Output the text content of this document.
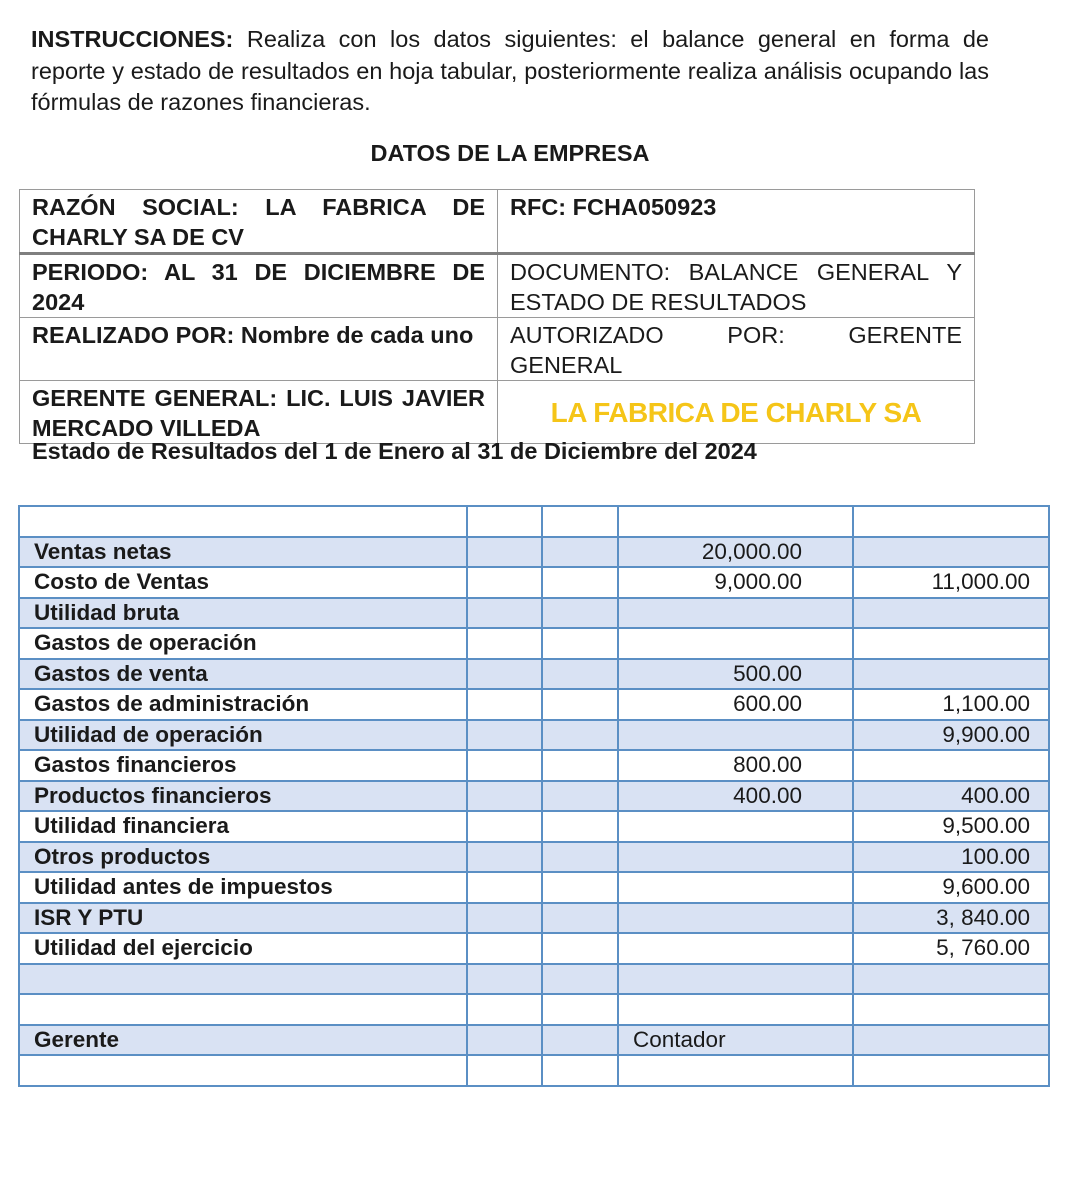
INSTRUCCIONES: Realiza con los datos siguientes: el balance general en forma de reporte y estado de resultados en hoja tabular, posteriormente realiza análisis ocupando las fórmulas de razones financieras.

DATOS DE LA EMPRESA

RAZÓN SOCIAL: LA FABRICA DE CHARLY SA DE CV	RFC: FCHA050923
PERIODO: AL 31 DE DICIEMBRE DE 2024	DOCUMENTO: BALANCE GENERAL Y ESTADO DE RESULTADOS
REALIZADO POR: Nombre de cada uno	AUTORIZADO POR: GERENTE GENERAL
GERENTE GENERAL: LIC. LUIS JAVIER MERCADO VILLEDA	LA FABRICA DE CHARLY SA

Estado de Resultados del 1 de Enero al 31 de Diciembre del 2024

Ventas netas			20,000.00	
Costo de Ventas			9,000.00	11,000.00
Utilidad bruta				
Gastos de operación				
Gastos de venta			500.00	
Gastos de administración			600.00	1,100.00
Utilidad de operación				9,900.00
Gastos financieros			800.00	
Productos financieros			400.00	400.00
Utilidad financiera				9,500.00
Otros productos				100.00
Utilidad antes de impuestos				9,600.00
ISR Y PTU				3, 840.00
Utilidad del ejercicio				5, 760.00

Gerente			Contador	
